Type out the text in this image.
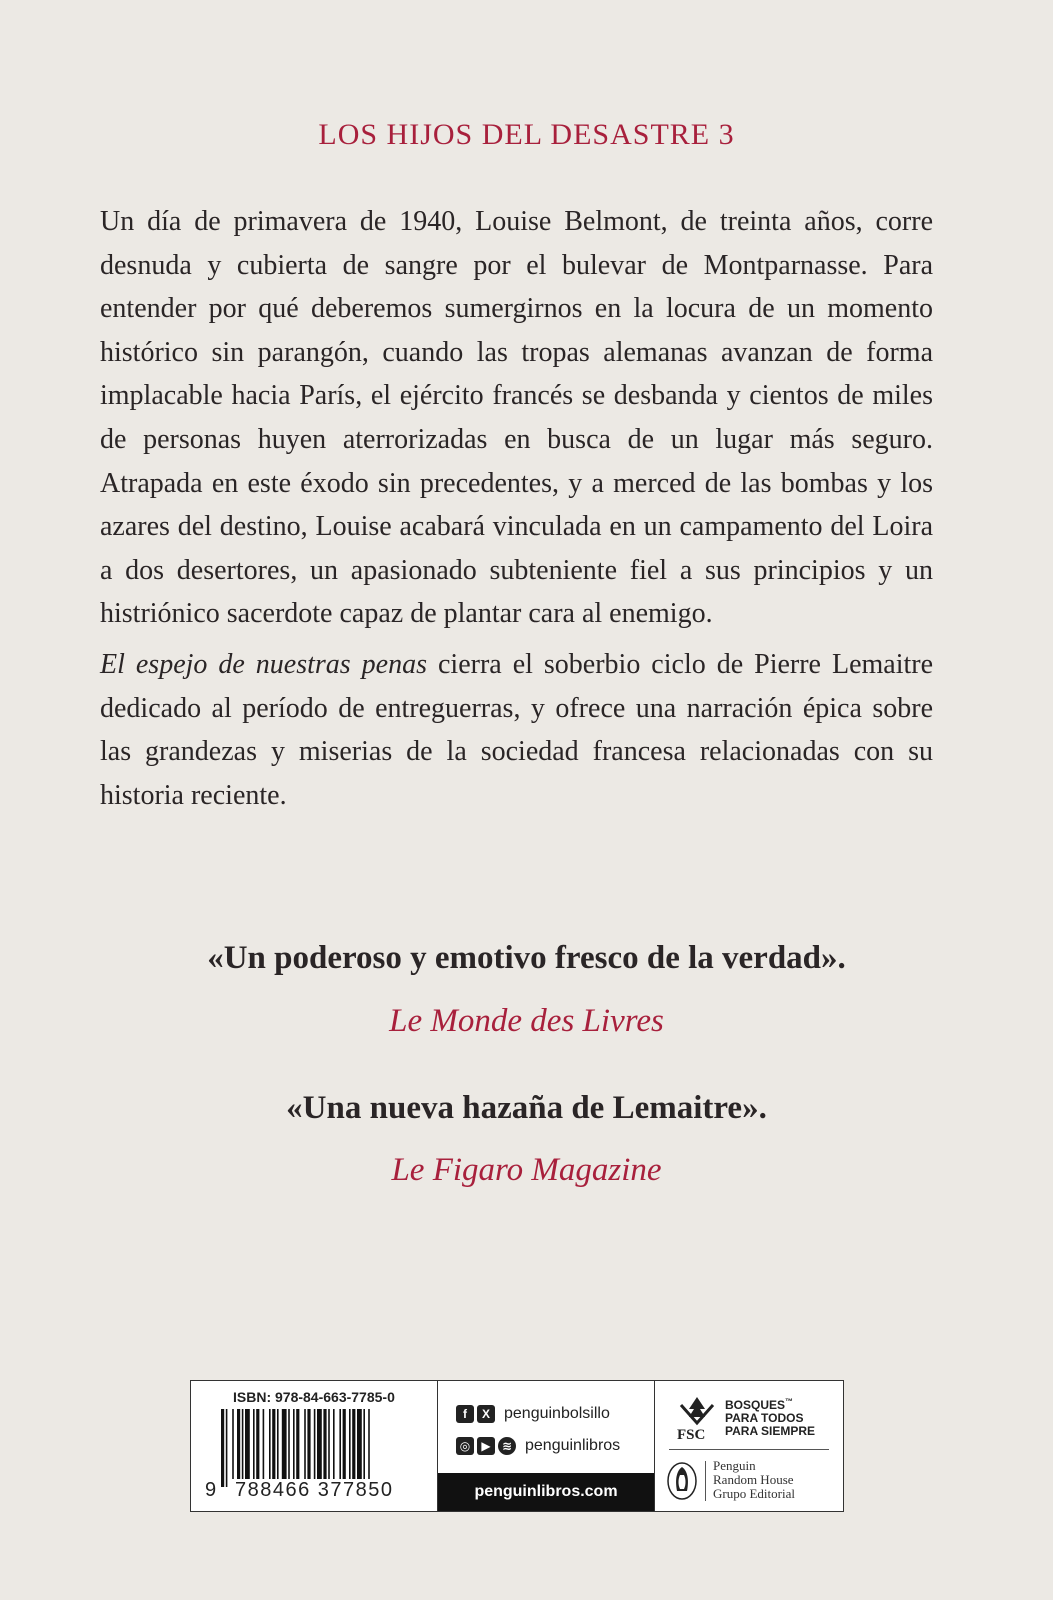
LOS HIJOS DEL DESASTRE 3

Un día de primavera de 1940, Louise Belmont, de treinta años, corre desnuda y cubierta de sangre por el bulevar de Montparnasse. Para entender por qué deberemos sumergirnos en la locura de un momento histórico sin parangón, cuando las tropas alemanas avanzan de forma implacable hacia París, el ejército francés se desbanda y cientos de miles de personas huyen aterrorizadas en busca de un lugar más seguro. Atrapada en este éxodo sin precedentes, y a merced de las bombas y los azares del destino, Louise acabará vinculada en un campamento del Loira a dos desertores, un apasionado subteniente fiel a sus principios y un histriónico sacerdote capaz de plantar cara al enemigo.

El espejo de nuestras penas cierra el soberbio ciclo de Pierre Lemaitre dedicado al período de entreguerras, y ofrece una narración épica sobre las grandezas y miserias de la sociedad francesa relacionadas con su historia reciente.

«Un poderoso y emotivo fresco de la verdad».
Le Monde des Livres
«Una nueva hazaña de Lemaitre».
Le Figaro Magazine
ISBN: 978-84-663-7785-0
9 788466 377850
f	X penguinbolsillo
◎ ▶ ≋ penguinlibros
penguinlibros.com
FSC
BOSQUES™
PARA TODOS
PARA SIEMPRE
Penguin
Random House
Grupo Editorial
